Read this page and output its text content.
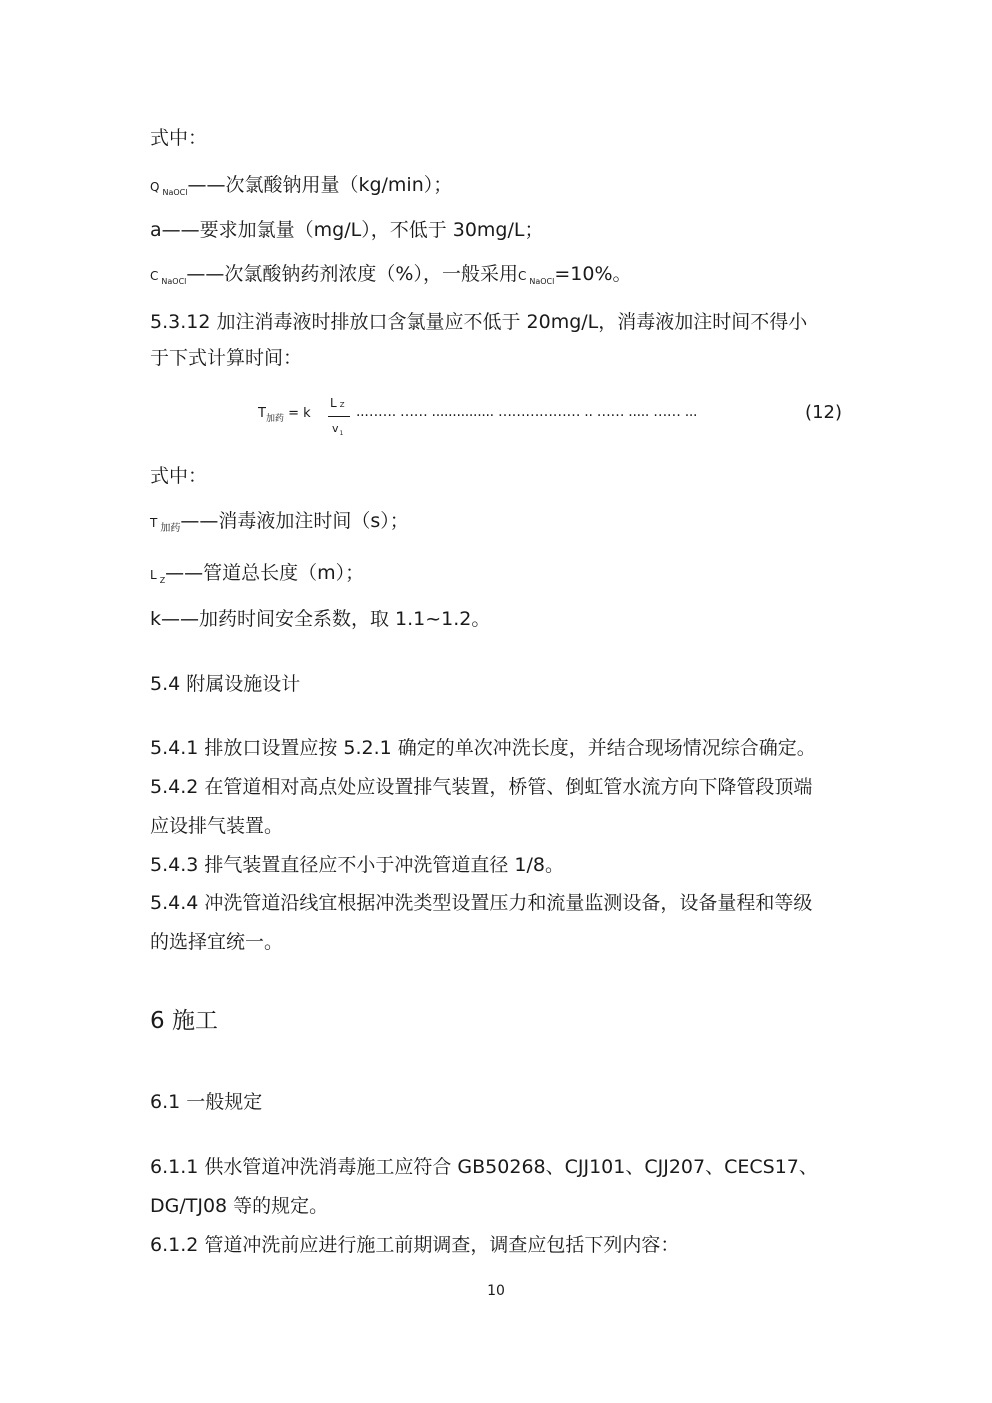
式中：
Q $_{NaOCl}$——次氯酸钠用量（kg/min）；
a——要求加氯量（mg/L），不低于 30mg/L；
C $_{NaOCl}$——次氯酸钠药剂浓度（%），一般采用C $_{NaOCl}$=10%。
5.3.12 加注消毒液时排放口含氯量应不低于 20mg/L，消毒液加注时间不得小
于下式计算时间：
$T_{加药} = k$
L Z
$v_1$
..……. …… ............... ……………… .. …… ..... …… ...	(12)
式中：
T $_{加药}$——消毒液加注时间（s）；
L $_Z$——管道总长度（m）；
k——加药时间安全系数，取 1.1~1.2。
5.4 附属设施设计
5.4.1 排放口设置应按 5.2.1 确定的单次冲洗长度，并结合现场情况综合确定。
5.4.2 在管道相对高点处应设置排气装置，桥管、倒虹管水流方向下降管段顶端
应设排气装置。
5.4.3 排气装置直径应不小于冲洗管道直径 1/8。
5.4.4 冲洗管道沿线宜根据冲洗类型设置压力和流量监测设备，设备量程和等级
的选择宜统一。
6 施工
6.1 一般规定
6.1.1 供水管道冲洗消毒施工应符合 GB50268、CJJ101、CJJ207、CECS17、
DG/TJ08 等的规定。
6.1.2 管道冲洗前应进行施工前期调查，调查应包括下列内容：
10
